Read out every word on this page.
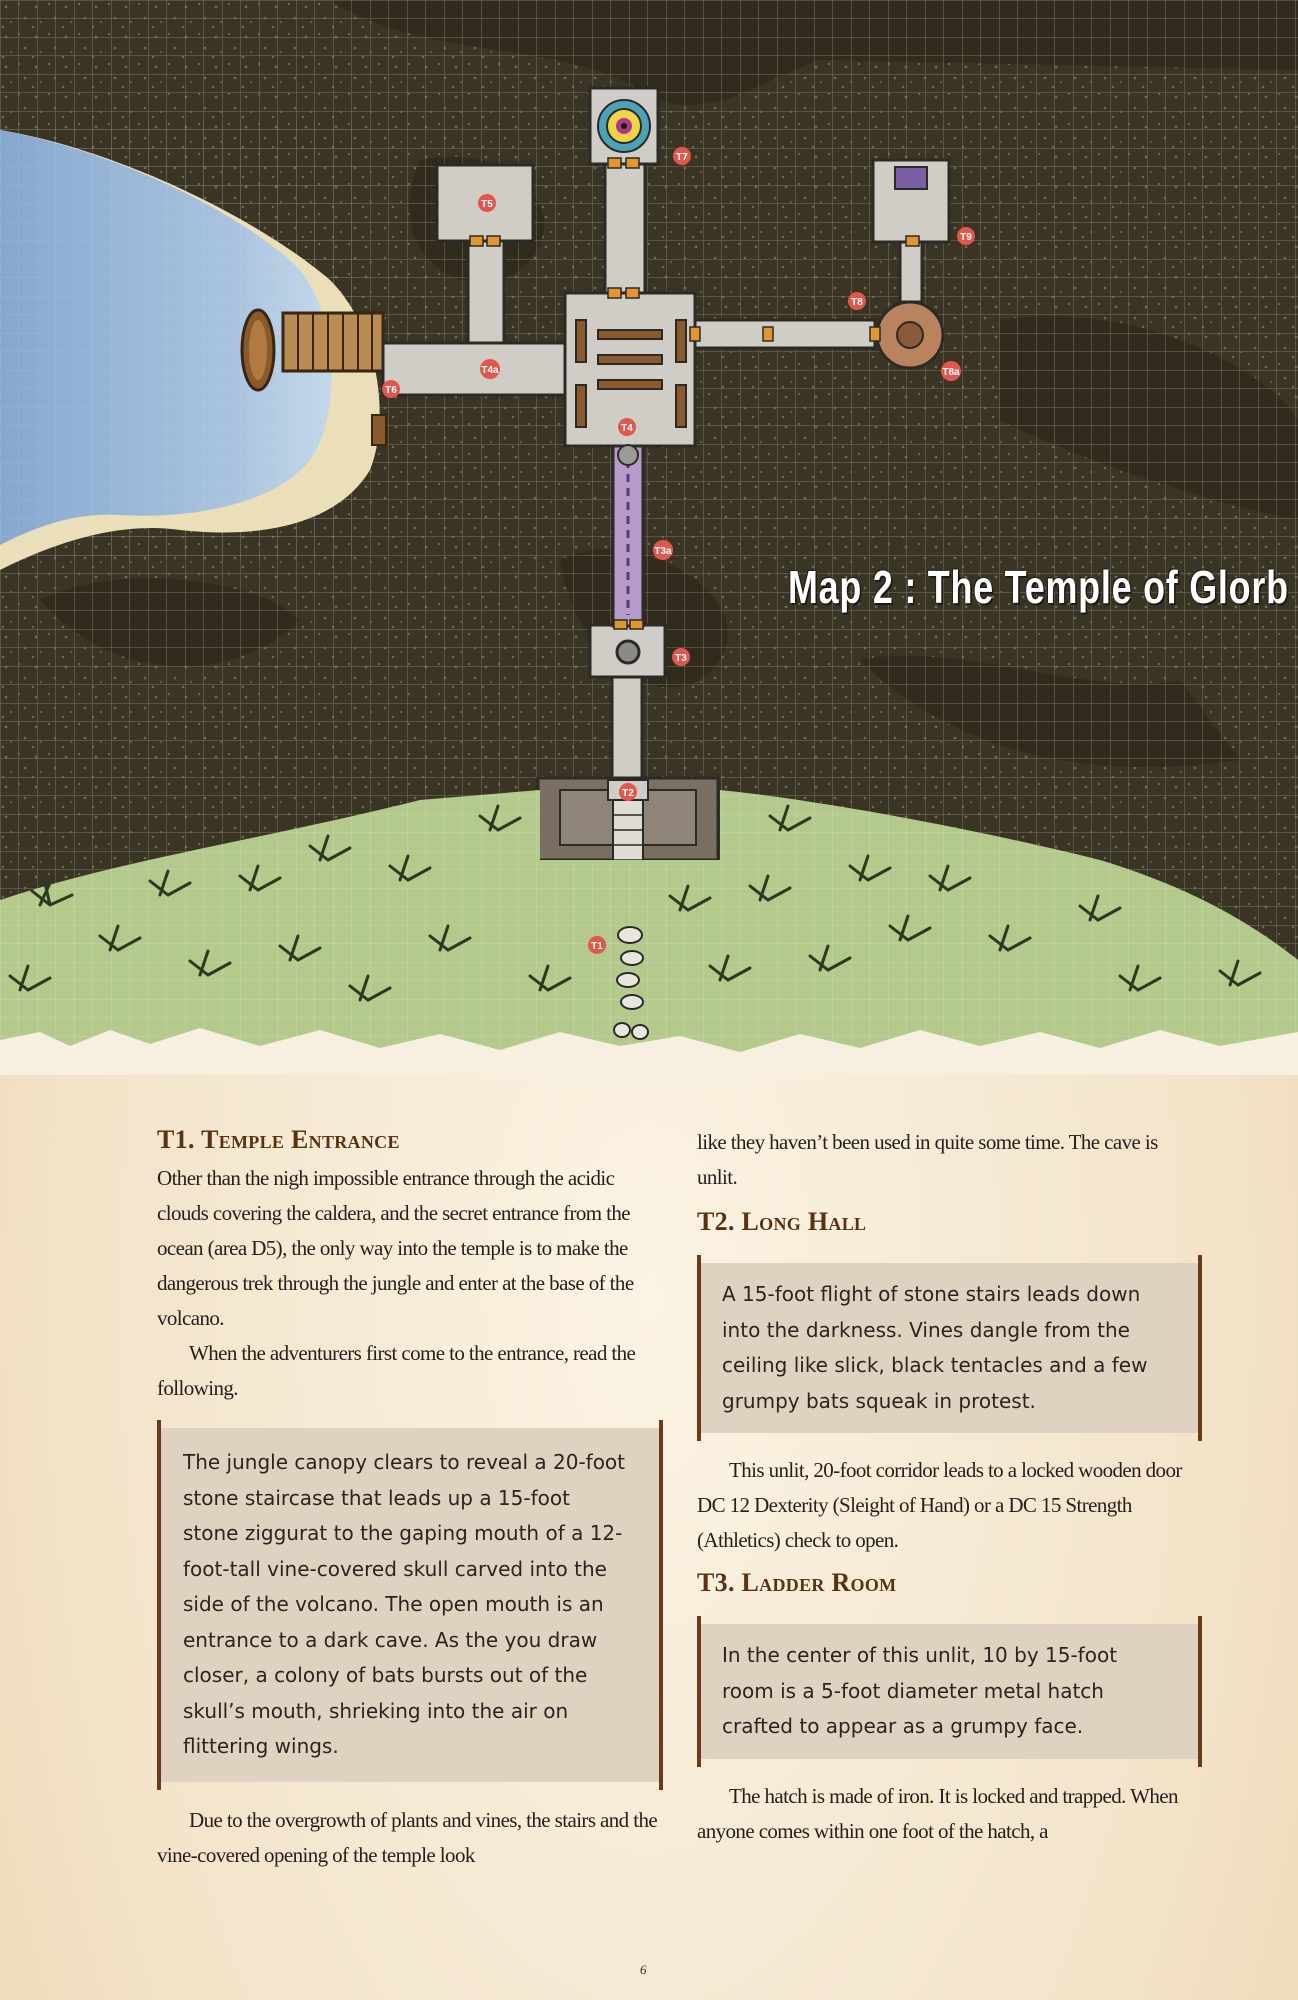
T1
T2
T3
T3a
T4
T4a
T5
T6
T7
T8
T8a
T9
Map 2 : The Temple of Glorb
T1. Temple Entrance

Other than the nigh impossible entrance through the acidic clouds covering the caldera, and the secret entrance from the ocean (area D5), the only way into the temple is to make the dangerous trek through the jungle and enter at the base of the volcano.

When the adventurers first come to the entrance, read the following.

The jungle canopy clears to reveal a 20-foot stone staircase that leads up a 15-foot stone ziggurat to the gaping mouth of a 12-foot-tall vine-covered skull carved into the side of the volcano. The open mouth is an entrance to a dark cave. As the you draw closer, a colony of bats bursts out of the skull’s mouth, shrieking into the air on flittering wings.

Due to the overgrowth of plants and vines, the stairs and the vine-covered opening of the temple look

like they haven’t been used in quite some time. The cave is unlit.

T2. Long Hall
A 15-foot flight of stone stairs leads down into the darkness. Vines dangle from the ceiling like slick, black tentacles and a few grumpy bats squeak in protest.

This unlit, 20-foot corridor leads to a locked wooden door DC 12 Dexterity (Sleight of Hand) or a DC 15 Strength (Athletics) check to open.

T3. Ladder Room
In the center of this unlit, 10 by 15-foot room is a 5-foot diameter metal hatch crafted to appear as a grumpy face.

The hatch is made of iron. It is locked and trapped. When anyone comes within one foot of the hatch, a

6
